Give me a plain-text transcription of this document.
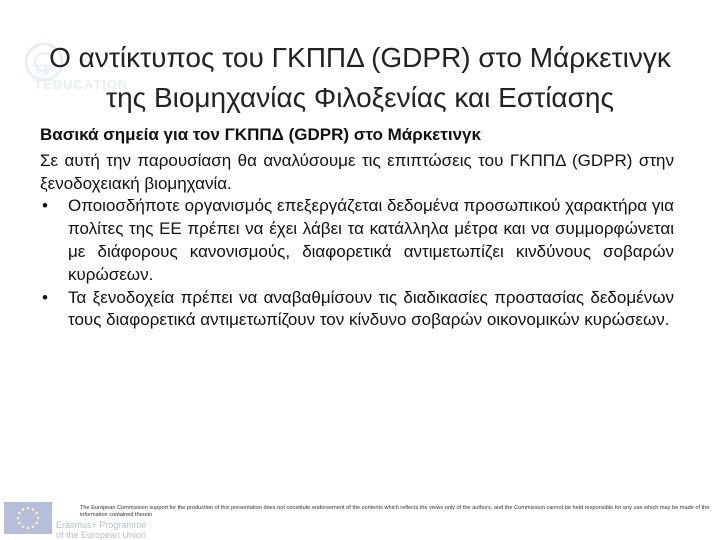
TE TEDUCATION
Ο αντίκτυπος του ΓΚΠΠΔ (GDPR) στο Μάρκετινγκ
της Βιομηχανίας Φιλοξενίας και Εστίασης
Βασικά σημεία για τον ΓΚΠΠΔ (GDPR) στο Μάρκετινγκ
Σε αυτή την παρουσίαση θα αναλύσουμε τις επιπτώσεις του ΓΚΠΠΔ (GDPR) στην ξενοδοχειακή βιομηχανία.
• Οποιοσδήποτε οργανισμός επεξεργάζεται δεδομένα προσωπικού χαρακτήρα για πολίτες της ΕΕ πρέπει να έχει λάβει τα κατάλληλα μέτρα και να συμμορφώνεται με διάφορους κανονισμούς, διαφορετικά αντιμετωπίζει κινδύνους σοβαρών κυρώσεων.
• Τα ξενοδοχεία πρέπει να αναβαθμίσουν τις διαδικασίες προστασίας δεδομένων τους διαφορετικά αντιμετωπίζουν τον κίνδυνο σοβαρών οικονομικών κυρώσεων.
Erasmus+ Programme
of the European Union
The European Commission support for the production of this presentation does not constitute endorsement of the contents which reflects the views only of the authors, and the Commission cannot be held responsible for any use which may be made of the information contained therein
